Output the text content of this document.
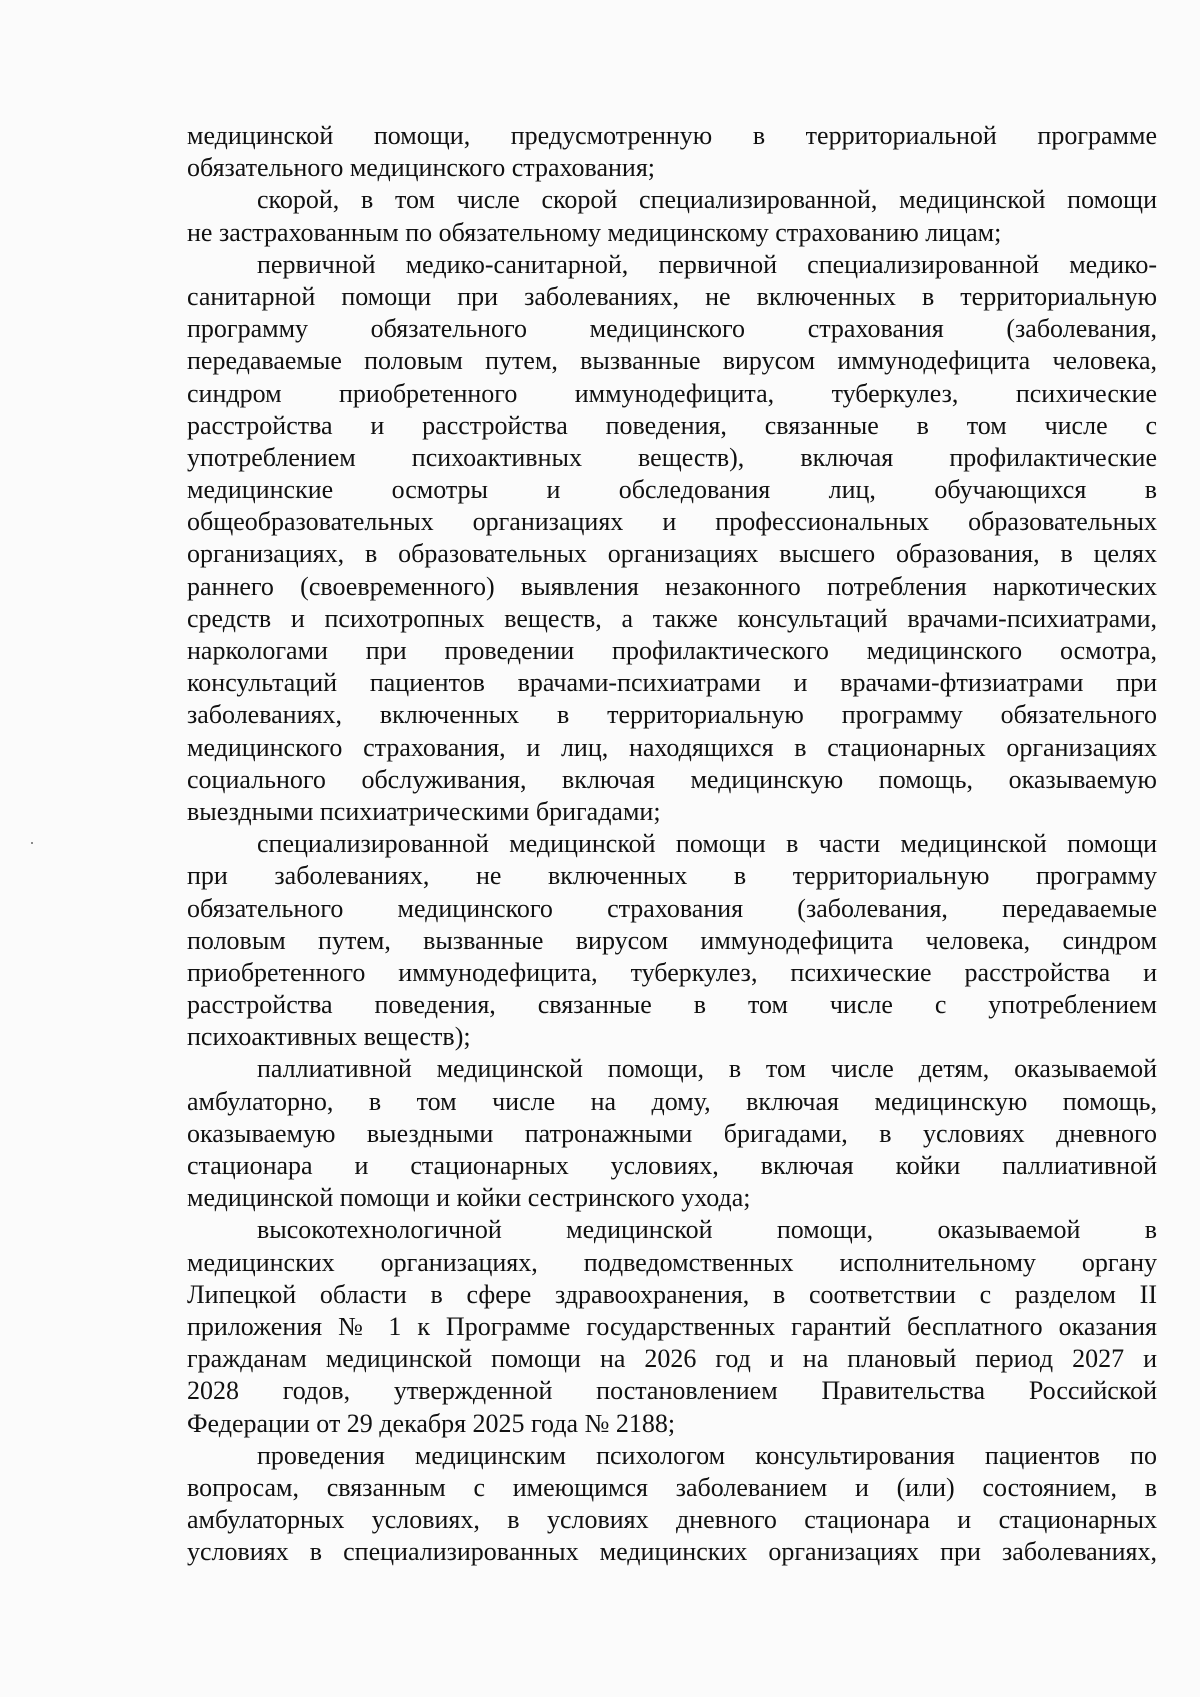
медицинской помощи, предусмотренную в территориальной программе
обязательного медицинского страхования;
скорой, в том числе скорой специализированной, медицинской помощи
не застрахованным по обязательному медицинскому страхованию лицам;
первичной медико-санитарной, первичной специализированной медико-
санитарной помощи при заболеваниях, не включенных в территориальную
программу обязательного медицинского страхования (заболевания,
передаваемые половым путем, вызванные вирусом иммунодефицита человека,
синдром приобретенного иммунодефицита, туберкулез, психические
расстройства и расстройства поведения, связанные в том числе с
употреблением психоактивных веществ), включая профилактические
медицинские осмотры и обследования лиц, обучающихся в
общеобразовательных организациях и профессиональных образовательных
организациях, в образовательных организациях высшего образования, в целях
раннего (своевременного) выявления незаконного потребления наркотических
средств и психотропных веществ, а также консультаций врачами-психиатрами,
наркологами при проведении профилактического медицинского осмотра,
консультаций пациентов врачами-психиатрами и врачами-фтизиатрами при
заболеваниях, включенных в территориальную программу обязательного
медицинского страхования, и лиц, находящихся в стационарных организациях
социального обслуживания, включая медицинскую помощь, оказываемую
выездными психиатрическими бригадами;
специализированной медицинской помощи в части медицинской помощи
при заболеваниях, не включенных в территориальную программу
обязательного медицинского страхования (заболевания, передаваемые
половым путем, вызванные вирусом иммунодефицита человека, синдром
приобретенного иммунодефицита, туберкулез, психические расстройства и
расстройства поведения, связанные в том числе с употреблением
психоактивных веществ);
паллиативной медицинской помощи, в том числе детям, оказываемой
амбулаторно, в том числе на дому, включая медицинскую помощь,
оказываемую выездными патронажными бригадами, в условиях дневного
стационара и стационарных условиях, включая койки паллиативной
медицинской помощи и койки сестринского ухода;
высокотехнологичной медицинской помощи, оказываемой в
медицинских организациях, подведомственных исполнительному органу
Липецкой области в сфере здравоохранения, в соответствии с разделом II
приложения № 1 к Программе государственных гарантий бесплатного оказания
гражданам медицинской помощи на 2026 год и на плановый период 2027 и
2028 годов, утвержденной постановлением Правительства Российской
Федерации от 29 декабря 2025 года № 2188;
проведения медицинским психологом консультирования пациентов по
вопросам, связанным с имеющимся заболеванием и (или) состоянием, в
амбулаторных условиях, в условиях дневного стационара и стационарных
условиях в специализированных медицинских организациях при заболеваниях,
